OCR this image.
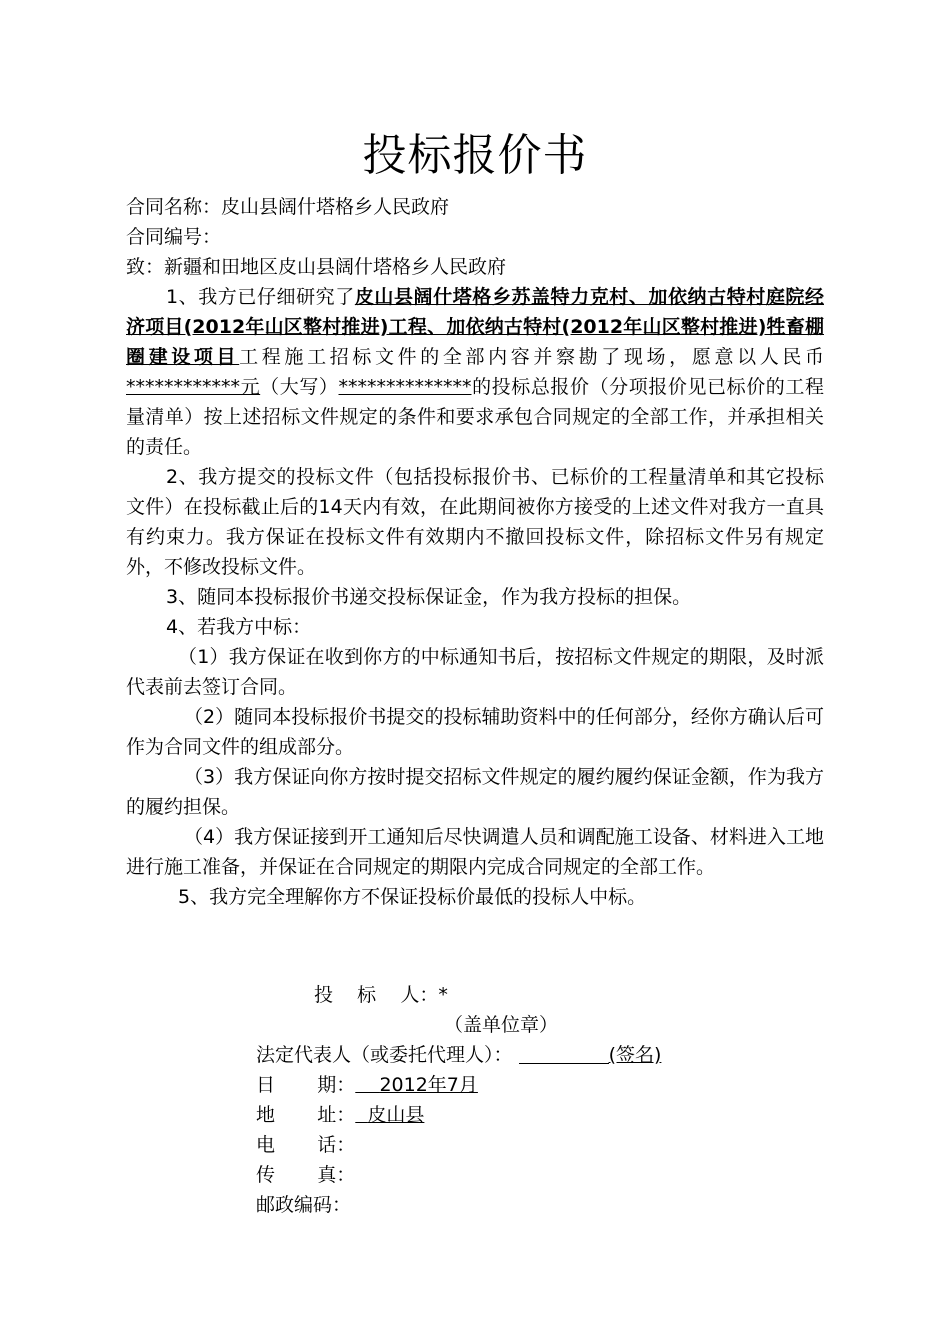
投标报价书

合同名称：皮山县阔什塔格乡人民政府

合同编号：

致：新疆和田地区皮山县阔什塔格乡人民政府

1、我方已仔细研究了皮山县阔什塔格乡苏盖特力克村、加依纳古特村庭院经济项目(2012年山区整村推进)工程、加依纳古特村(2012年山区整村推进)牲畜棚圈建设项目工程施工招标文件的全部内容并察勘了现场，愿意以人民币************元（大写）**************的投标总报价（分项报价见已标价的工程量清单）按上述招标文件规定的条件和要求承包合同规定的全部工作，并承担相关的责任。

2、我方提交的投标文件（包括投标报价书、已标价的工程量清单和其它投标文件）在投标截止后的14天内有效，在此期间被你方接受的上述文件对我方一直具有约束力。我方保证在投标文件有效期内不撤回投标文件，除招标文件另有规定外，不修改投标文件。

3、随同本投标报价书递交投标保证金，作为我方投标的担保。

4、若我方中标：

（1）我方保证在收到你方的中标通知书后，按招标文件规定的期限，及时派代表前去签订合同。

（2）随同本投标报价书提交的投标辅助资料中的任何部分，经你方确认后可作为合同文件的组成部分。

（3）我方保证向你方按时提交招标文件规定的履约履约保证金额，作为我方的履约担保。

（4）我方保证接到开工通知后尽快调遣人员和调配施工设备、材料进入工地进行施工准备，并保证在合同规定的期限内完成合同规定的全部工作。

5、我方完全理解你方不保证投标价最低的投标人中标。

投    标    人：*
（盖单位章）
法定代表人（或委托代理人）：	(签名)
日       期： 2012年7月
地       址： 皮山县
电       话：
传       真：
邮政编码：
